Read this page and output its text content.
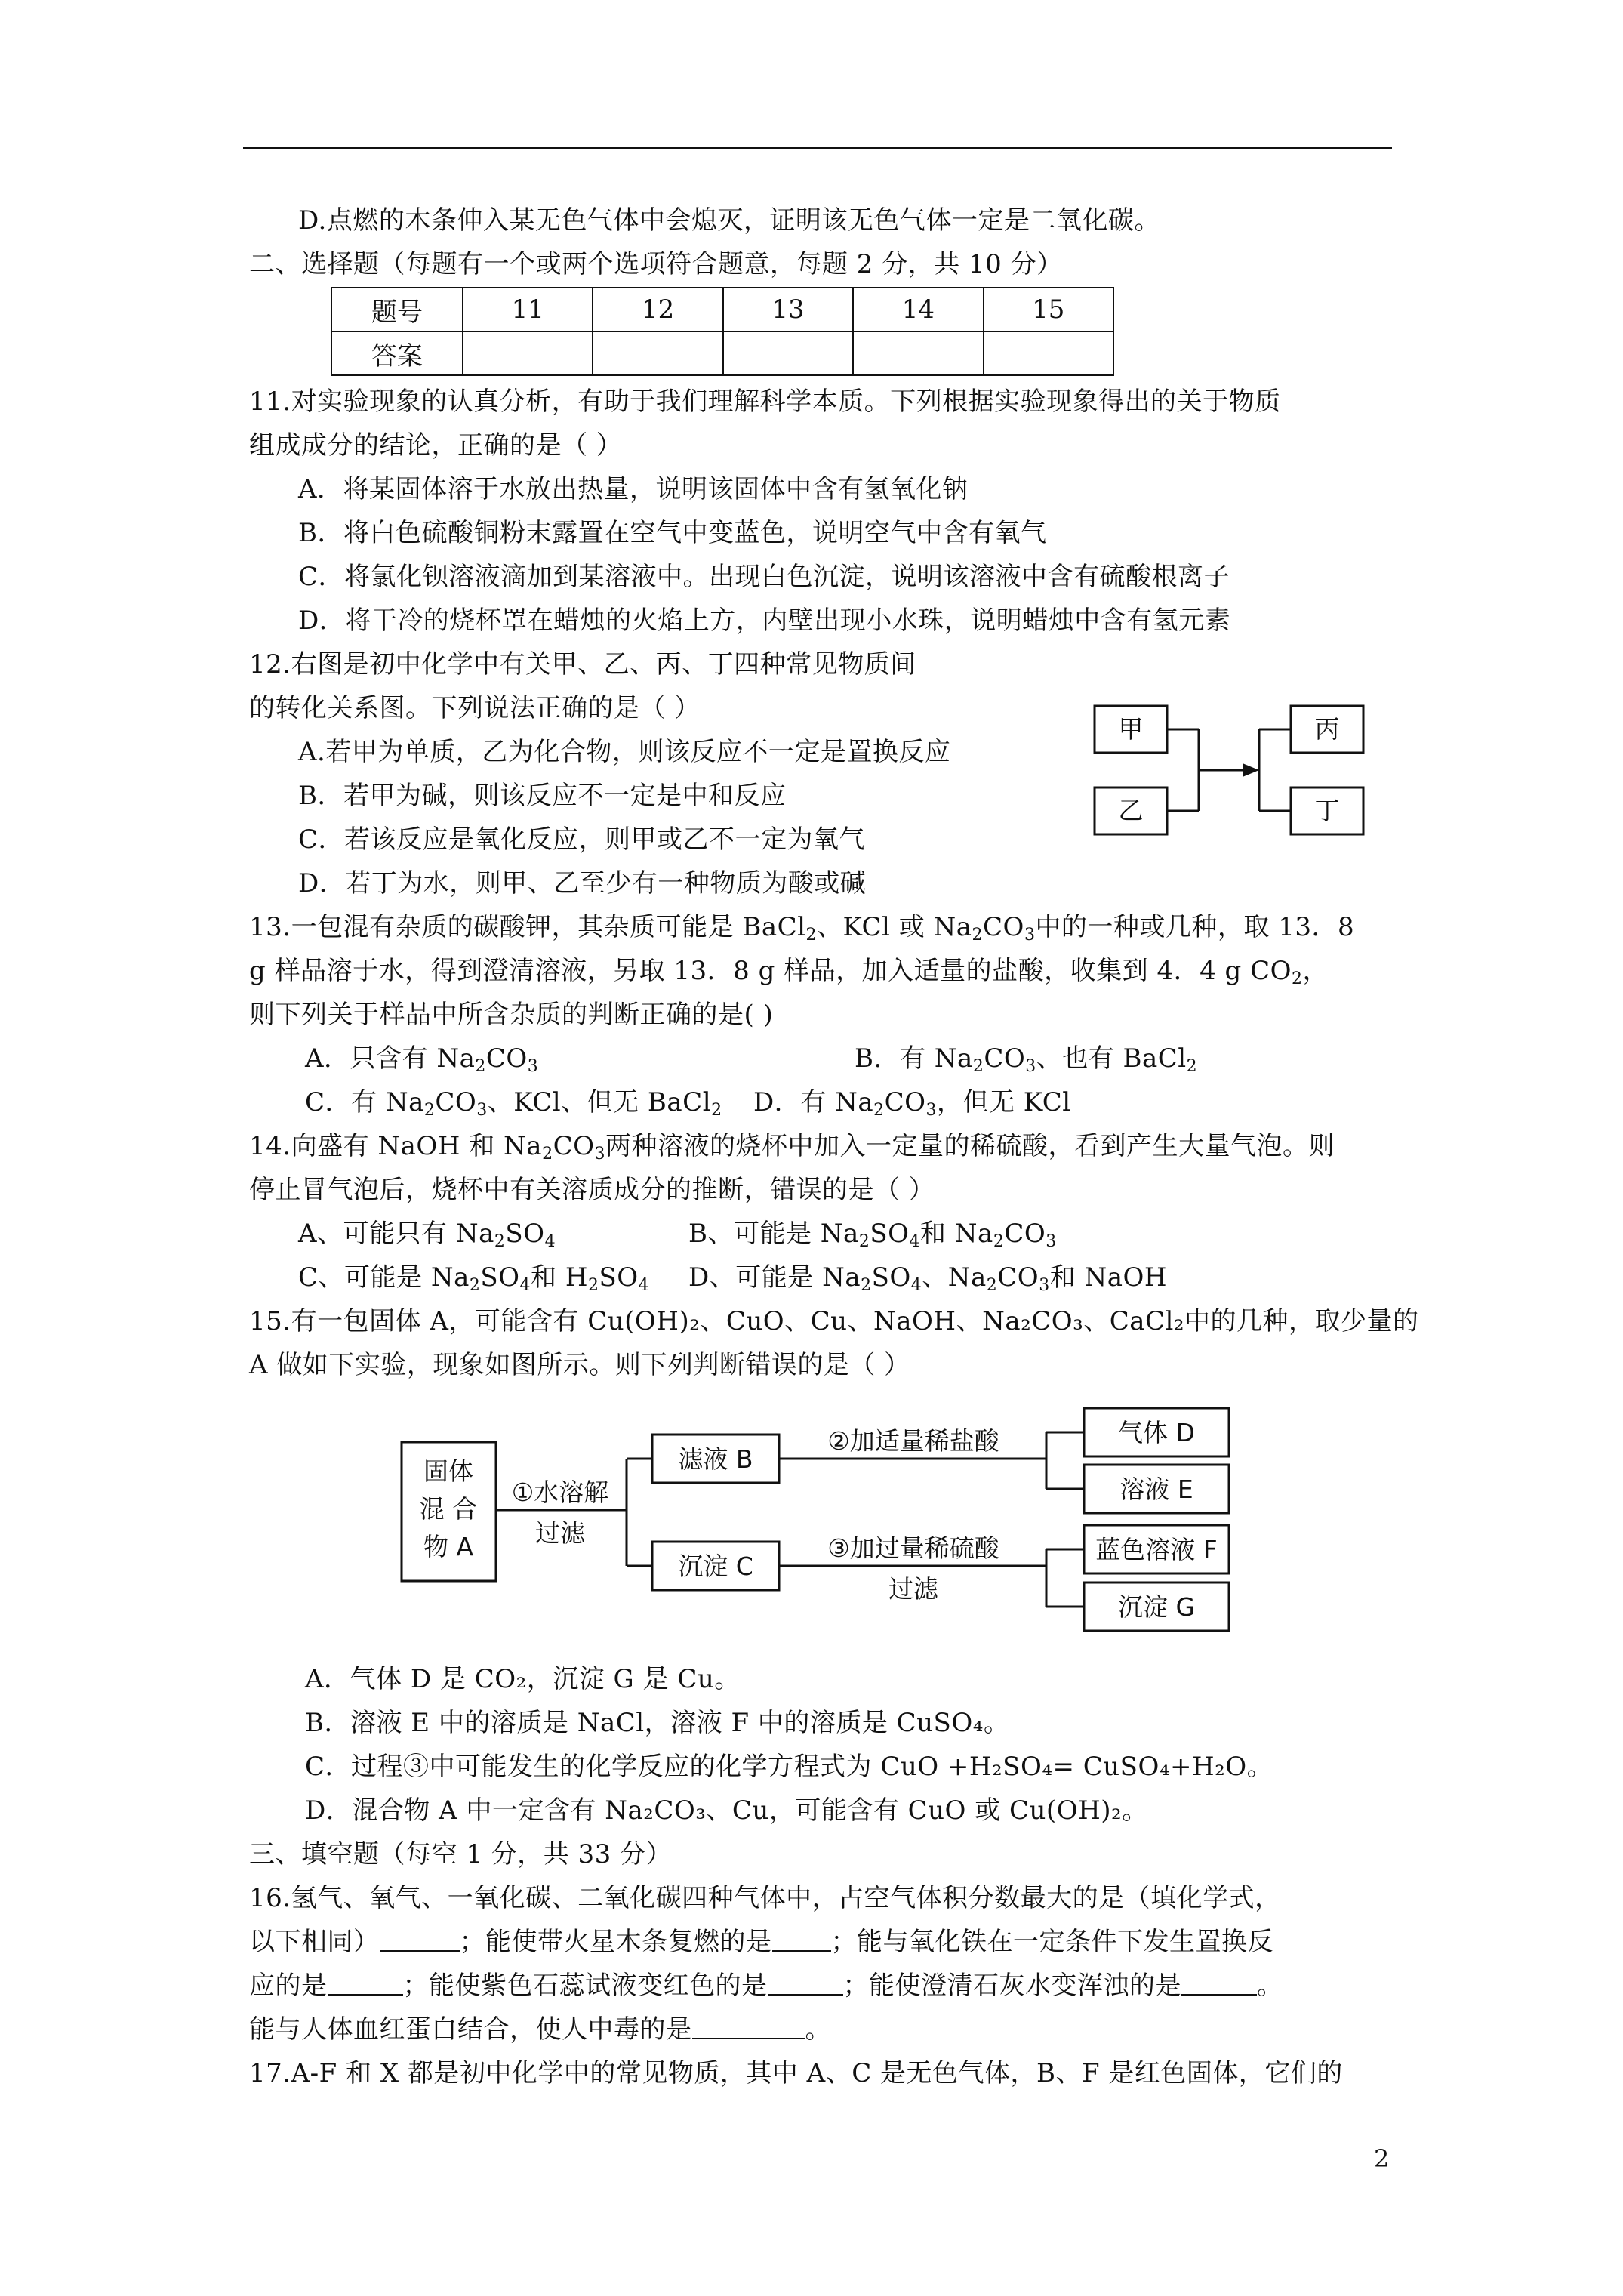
D.点燃的木条伸入某无色气体中会熄灭，证明该无色气体一定是二氧化碳。
二、选择题（每题有一个或两个选项符合题意，每题 2 分，共 10 分）
题号	11	12	13	14	15
答案					
11.对实验现象的认真分析，有助于我们理解科学本质。下列根据实验现象得出的关于物质
组成成分的结论，正确的是（ ）
A．将某固体溶于水放出热量，说明该固体中含有氢氧化钠
B．将白色硫酸铜粉末露置在空气中变蓝色，说明空气中含有氧气
C．将氯化钡溶液滴加到某溶液中。出现白色沉淀，说明该溶液中含有硫酸根离子
D．将干冷的烧杯罩在蜡烛的火焰上方，内壁出现小水珠，说明蜡烛中含有氢元素
12.右图是初中化学中有关甲、乙、丙、丁四种常见物质间
的转化关系图。下列说法正确的是（ ）
A.若甲为单质，乙为化合物，则该反应不一定是置换反应
B．若甲为碱，则该反应不一定是中和反应
C．若该反应是氧化反应，则甲或乙不一定为氧气
D．若丁为水，则甲、乙至少有一种物质为酸或碱
甲
乙
丙
丁
13.一包混有杂质的碳酸钾，其杂质可能是 BaCl$_2$、KCl 或 $Na_2CO_3$中的一种或几种，取 13．8
g 样品溶于水，得到澄清溶液，另取 13．8 g 样品，加入适量的盐酸，收集到 4．4 g $CO_2$，
则下列关于样品中所含杂质的判断正确的是( )
A．只含有 $Na_2CO_3$	B．有 $Na_2CO_3$、也有 BaCl$_2$
C．有 $Na_2CO_3$、KCl、但无 BaCl$_2$ D．有 $Na_2CO_3$，但无 KCl
14.向盛有 NaOH 和 $Na_2CO_3$两种溶液的烧杯中加入一定量的稀硫酸，看到产生大量气泡。则
停止冒气泡后，烧杯中有关溶质成分的推断，错误的是（ ）
A、可能只有 $Na_2SO_4$	B、可能是 $Na_2SO_4$和 $Na_2CO_3$
C、可能是 $Na_2SO_4$和 $H_2SO_4$ D、可能是 $Na_2SO_4$、$Na_2CO_3$和 NaOH
15.有一包固体 A，可能含有 Cu(OH)₂、CuO、Cu、NaOH、Na₂CO₃、CaCl₂中的几种，取少量的
A 做如下实验，现象如图所示。则下列判断错误的是（ ）
固体
混 合
物 A
①水溶解
过滤
滤液 B
沉淀 C
②加适量稀盐酸
③加过量稀硫酸
过滤
气体 D
溶液 E
蓝色溶液 F
沉淀 G
A．气体 D 是 CO₂，沉淀 G 是 Cu。
B．溶液 E 中的溶质是 NaCl，溶液 F 中的溶质是 CuSO₄。
C．过程③中可能发生的化学反应的化学方程式为 CuO +H₂SO₄= CuSO₄+H₂O。
D．混合物 A 中一定含有 Na₂CO₃、Cu，可能含有 CuO 或 Cu(OH)₂。
三、填空题（每空 1 分，共 33 分）
16.氢气、氧气、一氧化碳、二氧化碳四种气体中，占空气体积分数最大的是（填化学式，
以下相同）	；能使带火星木条复燃的是 ；能与氧化铁在一定条件下发生置换反
应的是	；能使紫色石蕊试液变红色的是	；能使澄清石灰水变浑浊的是	。
能与人体血红蛋白结合，使人中毒的是	。
17.A-F 和 X 都是初中化学中的常见物质，其中 A、C 是无色气体，B、F 是红色固体，它们的
2
